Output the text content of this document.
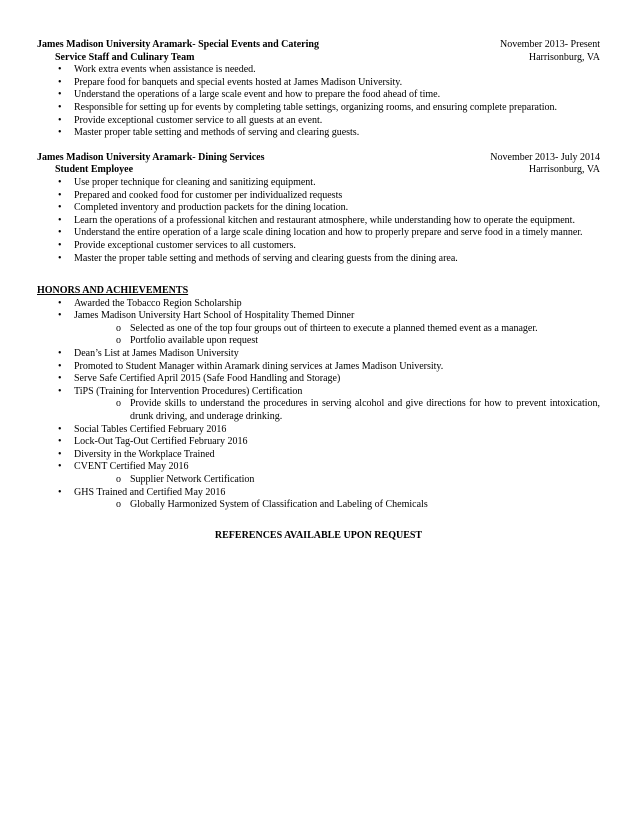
James Madison University Aramark- Special Events and Catering	November 2013- Present
Service Staff and Culinary Team	Harrisonburg, VA
• Work extra events when assistance is needed.
• Prepare food for banquets and special events hosted at James Madison University.
• Understand the operations of a large scale event and how to prepare the food ahead of time.
• Responsible for setting up for events by completing table settings, organizing rooms, and ensuring complete preparation.
• Provide exceptional customer service to all guests at an event.
• Master proper table setting and methods of serving and clearing guests.
James Madison University Aramark- Dining Services	November 2013- July 2014
Student Employee	Harrisonburg, VA
• Use proper technique for cleaning and sanitizing equipment.
• Prepared and cooked food for customer per individualized requests
• Completed inventory and production packets for the dining location.
• Learn the operations of a professional kitchen and restaurant atmosphere, while understanding how to operate the equipment.
• Understand the entire operation of a large scale dining location and how to properly prepare and serve food in a timely manner.
• Provide exceptional customer services to all customers.
• Master the proper table setting and methods of serving and clearing guests from the dining area.
HONORS AND ACHIEVEMENTS
• Awarded the Tobacco Region Scholarship
• James Madison University Hart School of Hospitality Themed Dinner
o Selected as one of the top four groups out of thirteen to execute a planned themed event as a manager.
o Portfolio available upon request
• Dean’s List at James Madison University
• Promoted to Student Manager within Aramark dining services at James Madison University.
• Serve Safe Certified April 2015 (Safe Food Handling and Storage)
• TiPS (Training for Intervention Procedures) Certification
o Provide skills to understand the procedures in serving alcohol and give directions for how to prevent intoxication, drunk driving, and underage drinking.
• Social Tables Certified February 2016
• Lock-Out Tag-Out Certified February 2016
• Diversity in the Workplace Trained
• CVENT Certified May 2016
o Supplier Network Certification
• GHS Trained and Certified May 2016
o Globally Harmonized System of Classification and Labeling of Chemicals
REFERENCES AVAILABLE UPON REQUEST
